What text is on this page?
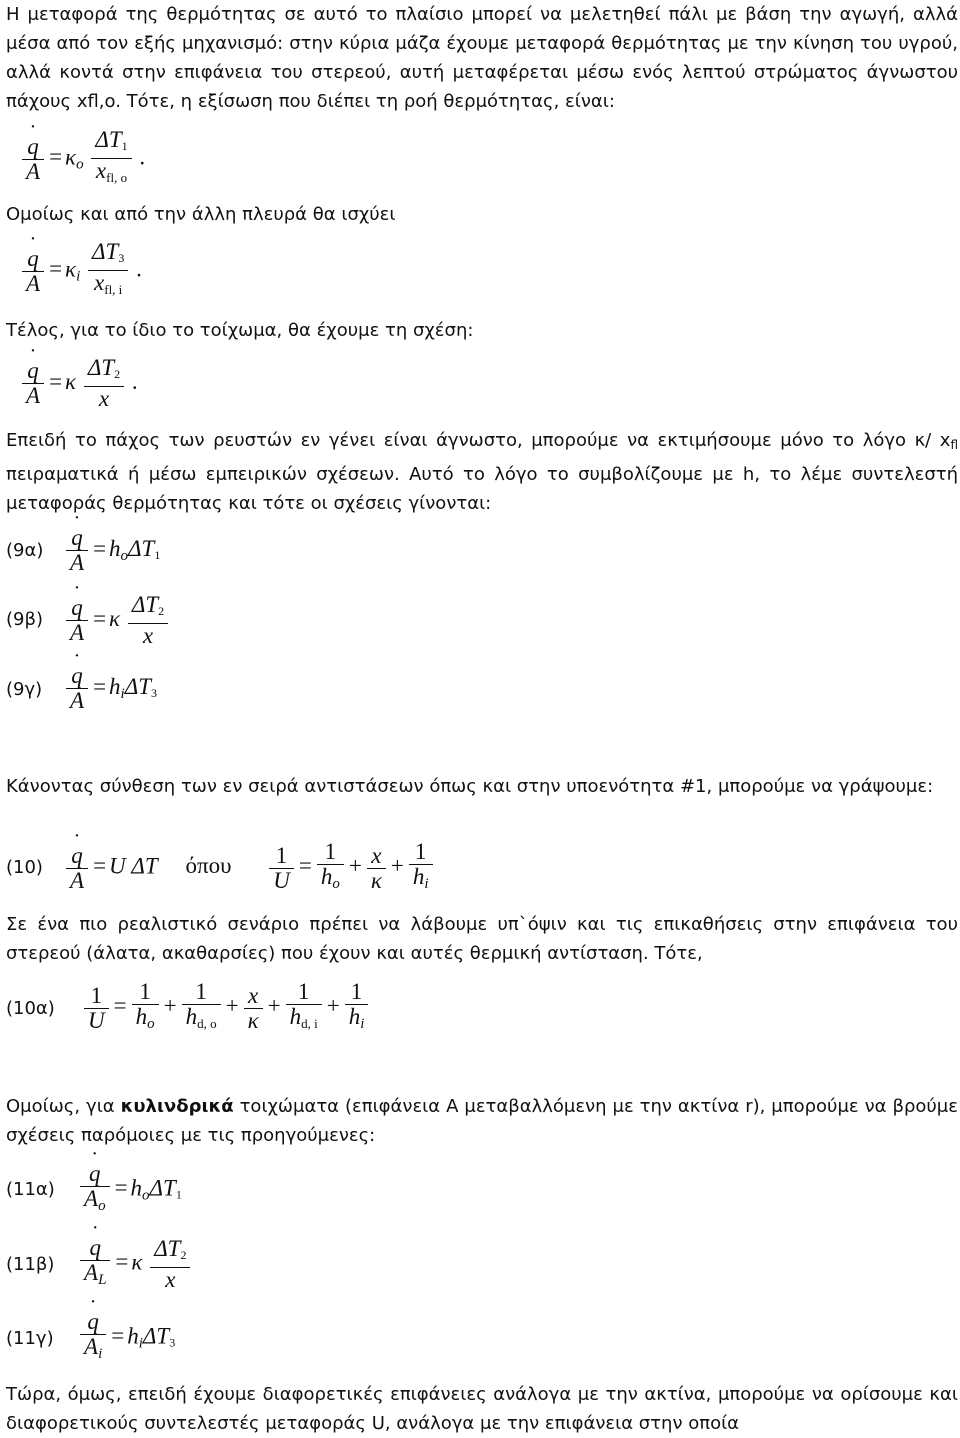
Η μεταφορά της θερμότητας σε αυτό το πλαίσιο μπορεί να μελετηθεί πάλι με βάση την αγωγή, αλλά μέσα από τον εξής μηχανισμό: στην κύρια μάζα έχουμε μεταφορά θερμότητας με την κίνηση του υγρού, αλλά κοντά στην επιφάνεια του στερεού, αυτή μεταφέρεται μέσω ενός λεπτού στρώματος άγνωστου πάχους xfl,o. Τότε, η εξίσωση που διέπει τη ροή θερμότητας, είναι:

˙ $\frac{q}{A} = \kappa o \frac{\Delta T1}{x_{fl, o}}$ .

Ομοίως και από την άλλη πλευρά θα ισχύει

˙ $\frac{q}{A} = \kappa i \frac{\Delta T3}{x_{fl, i}}$ .

Τέλος, για το ίδιο το τοίχωμα, θα έχουμε τη σχέση:

˙ $\frac{q}{A} = \kappa \frac{\Delta T2}{x}$ .

Επειδή το πάχος των ρευστών εν γένει είναι άγνωστο, μπορούμε να εκτιμήσουμε μόνο το λόγο κ/ xfl πειραματικά ή μέσω εμπειρικών σχέσεων. Αυτό το λόγο το συμβολίζουμε με h, το λέμε συντελεστή μεταφοράς θερμότητας και τότε οι σχέσεις γίνονται:

(9α) ˙ $\frac{q}{A} = ho\Delta T1$
(9β) ˙ $\frac{q}{A} = \kappa \frac{\Delta T2}{x}$
(9γ) ˙ $\frac{q}{A} = hi\Delta T3$

Κάνοντας σύνθεση των εν σειρά αντιστάσεων όπως και στην υποενότητα #1, μπορούμε να γράψουμε:

(10) ˙ $\frac{q}{A} = U$ ΔT όπου $\frac{1}{U} = \frac{1}{ho} + \frac{x}{\kappa} + \frac{1}{hi}$

Σε ένα πιο ρεαλιστικό σενάριο πρέπει να λάβουμε υπ`όψιν και τις επικαθήσεις στην επιφάνεια του στερεού (άλατα, ακαθαρσίες) που έχουν και αυτές θερμική αντίσταση. Τότε,

$(10\alpha) \frac{1}{U} = \frac{1}{ho} + \frac{1}{h_{d, o}} + \frac{x}{\kappa} + \frac{1}{h_{d, i}} + \frac{1}{hi}$

Ομοίως, για κυλινδρικά τοιχώματα (επιφάνεια A μεταβαλλόμενη με την ακτίνα r), μπορούμε να βρούμε σχέσεις παρόμοιες με τις προηγούμενες:

(11α) ˙ $\frac{q}{Ao} = ho\Delta T1$
(11β) ˙ $\frac{q}{AL} = \kappa \frac{\Delta T2}{x}$
(11γ) ˙ $\frac{q}{Ai} = hi\Delta T3$

Τώρα, όμως, επειδή έχουμε διαφορετικές επιφάνειες ανάλογα με την ακτίνα, μπορούμε να ορίσουμε και διαφορετικούς συντελεστές μεταφοράς U, ανάλογα με την επιφάνεια στην οποία
